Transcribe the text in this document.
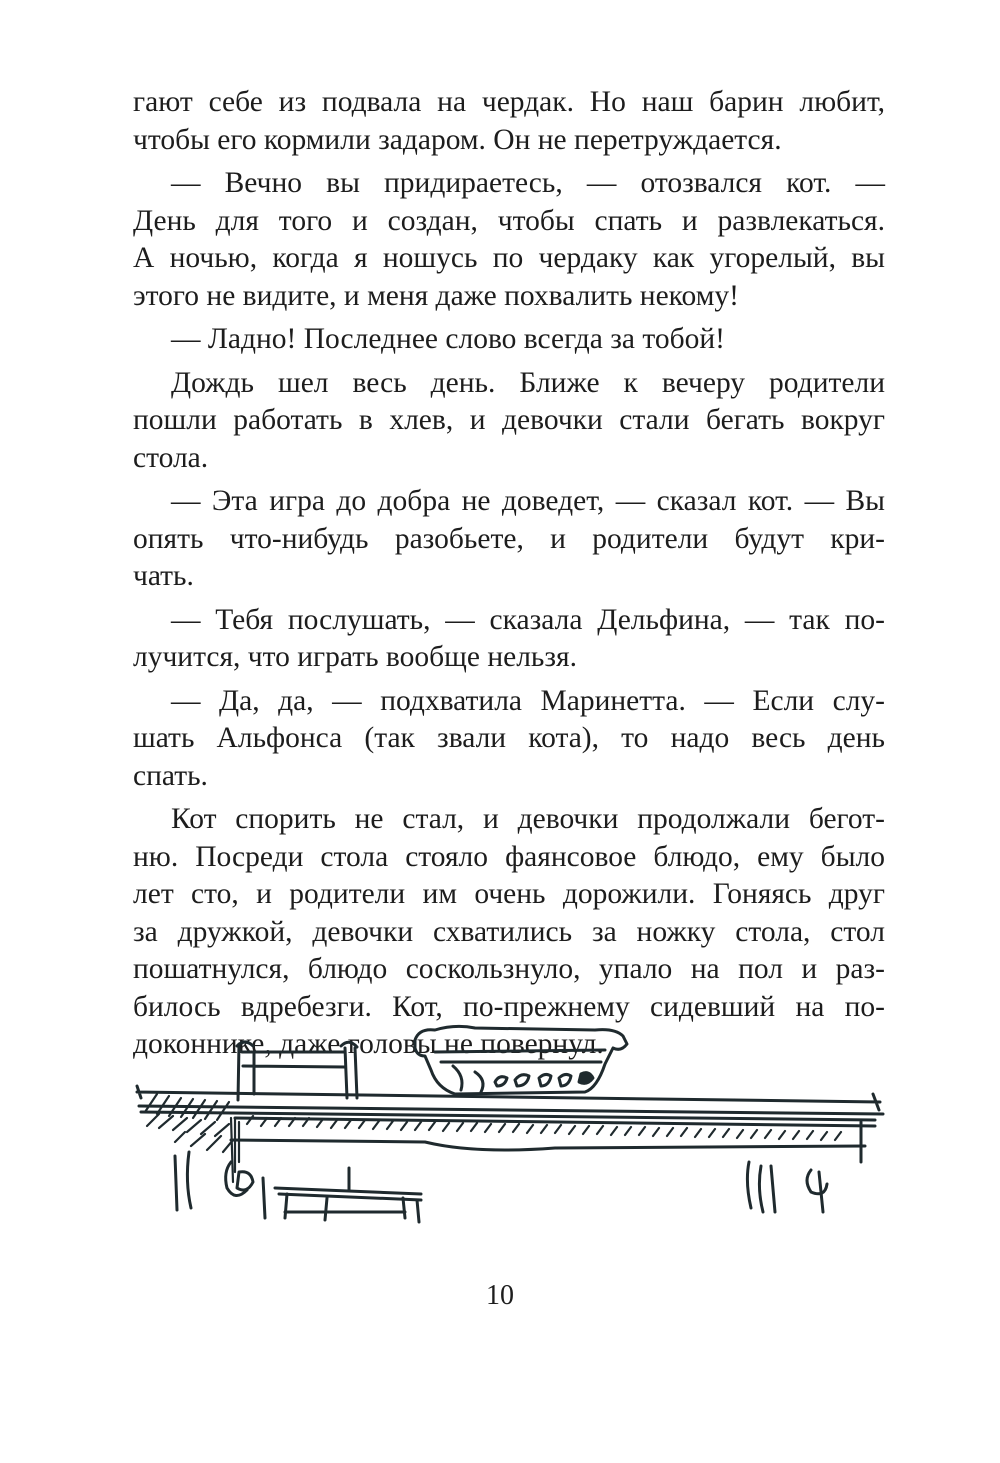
гают себе из подвала на чердак. Но наш барин любит,
чтобы его кормили задаром. Он не перетруждается.
— Вечно вы придираетесь, — отозвался кот. —
День для того и создан, чтобы спать и развлекаться.
А ночью, когда я ношусь по чердаку как угорелый, вы
этого не видите, и меня даже похвалить некому!
— Ладно! Последнее слово всегда за тобой!
Дождь шел весь день. Ближе к вечеру родители
пошли работать в хлев, и девочки стали бегать вокруг
стола.
— Эта игра до добра не доведет, — сказал кот. — Вы
опять что-нибудь разобьете, и родители будут кри-
чать.
— Тебя послушать, — сказала Дельфина, — так по-
лучится, что играть вообще нельзя.
— Да, да, — подхватила Маринетта. — Если слу-
шать Альфонса (так звали кота), то надо весь день
спать.
Кот спорить не стал, и девочки продолжали бегот-
ню. Посреди стола стояло фаянсовое блюдо, ему было
лет сто, и родители им очень дорожили. Гоняясь друг
за дружкой, девочки схватились за ножку стола, стол
пошатнулся, блюдо соскользнуло, упало на пол и раз-
билось вдребезги. Кот, по-прежнему сидевший на по-
доконнике, даже головы не повернул.
10
